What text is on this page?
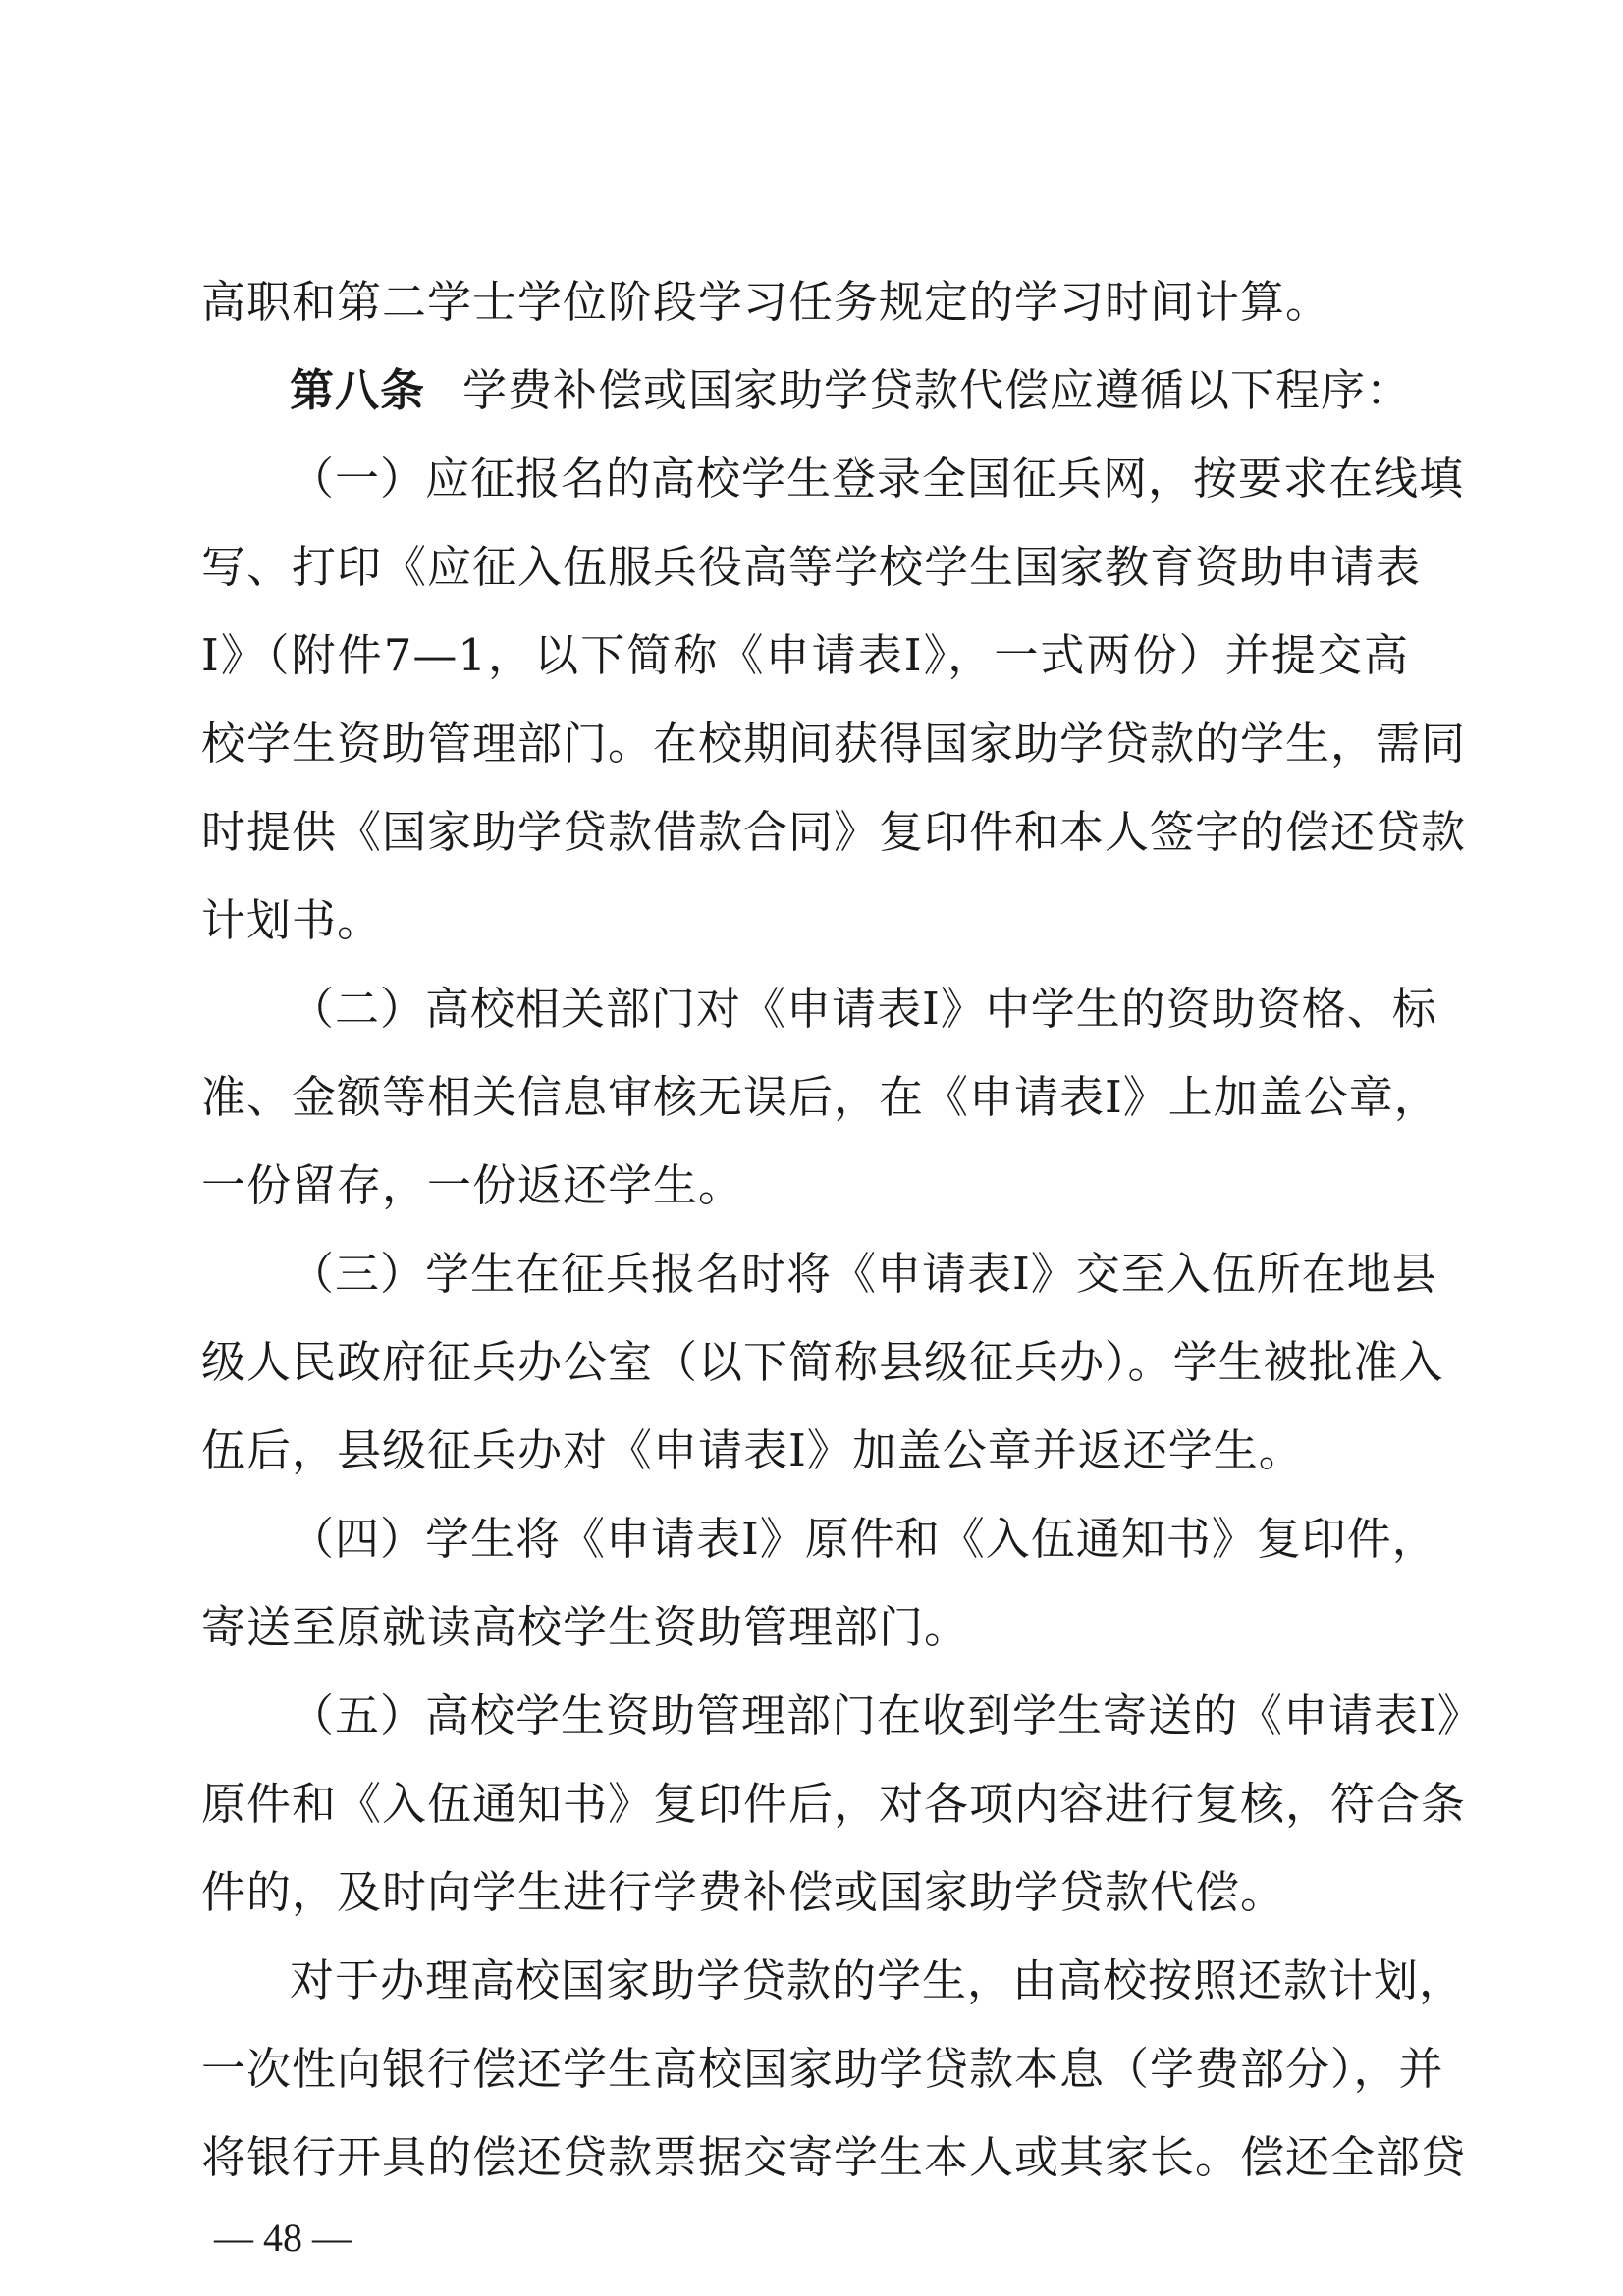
高职和第二学士学位阶段学习任务规定的学习时间计算。
第八条 学费补偿或国家助学贷款代偿应遵循以下程序：
（一）应征报名的高校学生登录全国征兵网，按要求在线填
写、打印《应征入伍服兵役高等学校学生国家教育资助申请表
Ⅰ》（附件7—1，以下简称《申请表Ⅰ》，一式两份）并提交高
校学生资助管理部门。在校期间获得国家助学贷款的学生，需同
时提供《国家助学贷款借款合同》复印件和本人签字的偿还贷款
计划书。
（二）高校相关部门对《申请表Ⅰ》中学生的资助资格、标
准、金额等相关信息审核无误后，在《申请表Ⅰ》上加盖公章，
一份留存，一份返还学生。
（三）学生在征兵报名时将《申请表Ⅰ》交至入伍所在地县
级人民政府征兵办公室（以下简称县级征兵办）。学生被批准入
伍后，县级征兵办对《申请表Ⅰ》加盖公章并返还学生。
（四）学生将《申请表Ⅰ》原件和《入伍通知书》复印件，
寄送至原就读高校学生资助管理部门。
（五）高校学生资助管理部门在收到学生寄送的《申请表Ⅰ》
原件和《入伍通知书》复印件后，对各项内容进行复核，符合条
件的，及时向学生进行学费补偿或国家助学贷款代偿。
对于办理高校国家助学贷款的学生，由高校按照还款计划，
一次性向银行偿还学生高校国家助学贷款本息（学费部分），并
将银行开具的偿还贷款票据交寄学生本人或其家长。偿还全部贷
— 48 —
